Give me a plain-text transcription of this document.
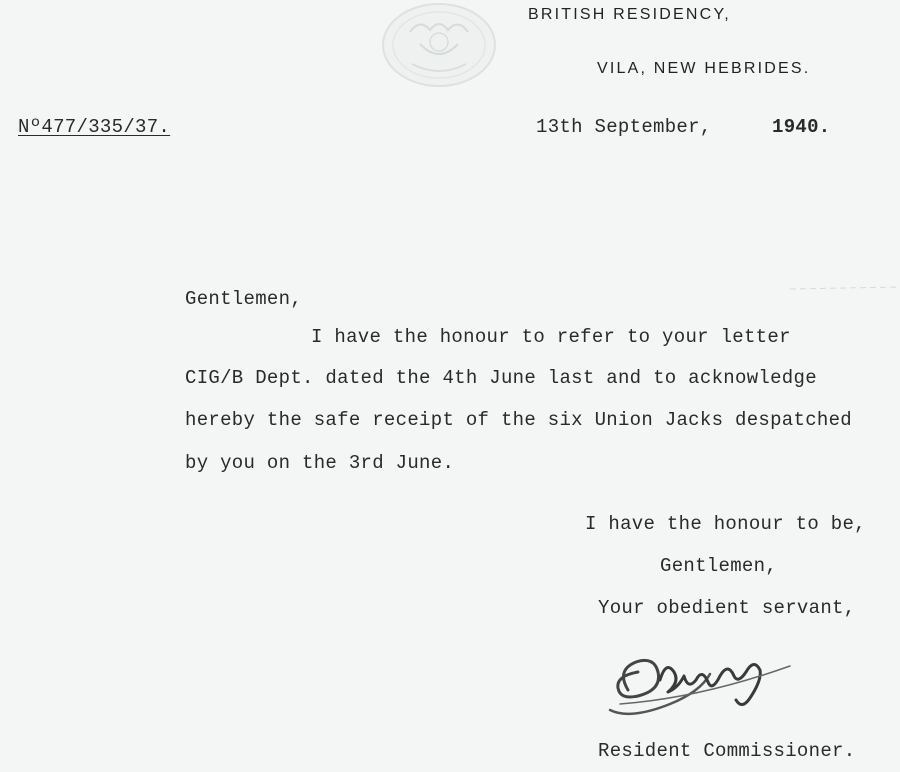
BRITISH RESIDENCY,
VILA, NEW HEBRIDES.
Nº477/335/37.	13th September,	1940.
Gentlemen,
I have the honour to refer to your letter
CIG/B Dept. dated the 4th June last and to acknowledge
hereby the safe receipt of the six Union Jacks despatched
by you on the 3rd June.
I have the honour to be,
Gentlemen,
Your obedient servant,
Resident Commissioner.
